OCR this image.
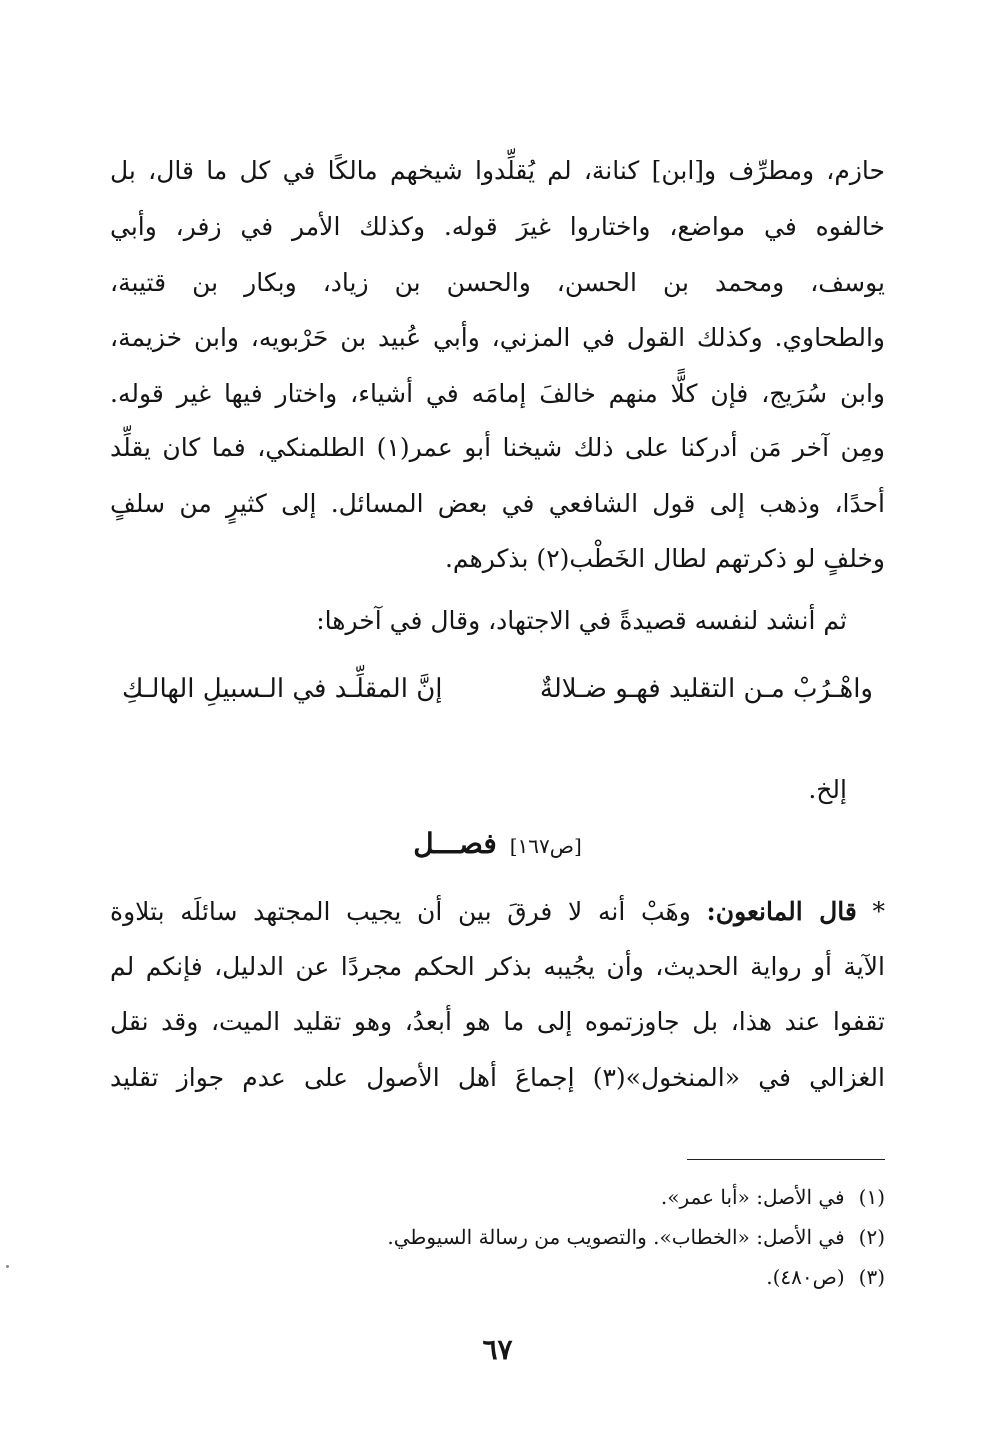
حازم، ومطرِّف و[ابن] كنانة، لم يُقلِّدوا شيخهم مالكًا في كل ما قال، بل
خالفوه في مواضع، واختاروا غيرَ قوله. وكذلك الأمر في زفر، وأبي
يوسف، ومحمد بن الحسن، والحسن بن زياد، وبكار بن قتيبة،
والطحاوي. وكذلك القول في المزني، وأبي عُبيد بن حَرْبويه، وابن خزيمة،
وابن سُرَيج، فإن كلًّا منهم خالفَ إمامَه في أشياء، واختار فيها غير قوله.
ومِن آخر مَن أدركنا على ذلك شيخنا أبو عمر(١) الطلمنكي، فما كان يقلِّد
أحدًا، وذهب إلى قول الشافعي في بعض المسائل. إلى كثيرٍ من سلفٍ
وخلفٍ لو ذكرتهم لطال الخَطْب(٢) بذكرهم.
ثم أنشد لنفسه قصيدةً في الاجتهاد، وقال في آخرها:
واهْـرُبْ مـن التقليد فهـو ضـلالةٌ
إنَّ المقلِّـد في الـسبيلِ الهالـكِ
إلخ.
[ص١٦٧] فصـــل
* قال المانعون: وهَبْ أنه لا فرقَ بين أن يجيب المجتهد سائلَه بتلاوة
الآية أو رواية الحديث، وأن يجُيبه بذكر الحكم مجردًا عن الدليل، فإنكم لم
تقفوا عند هذا، بل جاوزتموه إلى ما هو أبعدُ، وهو تقليد الميت، وقد نقل
الغزالي في «المنخول»(٣) إجماعَ أهل الأصول على عدم جواز تقليد
(١)في الأصل: «أبا عمر».
(٢)في الأصل: «الخطاب». والتصويب من رسالة السيوطي.
(٣)(ص٤٨٠).
٦٧
